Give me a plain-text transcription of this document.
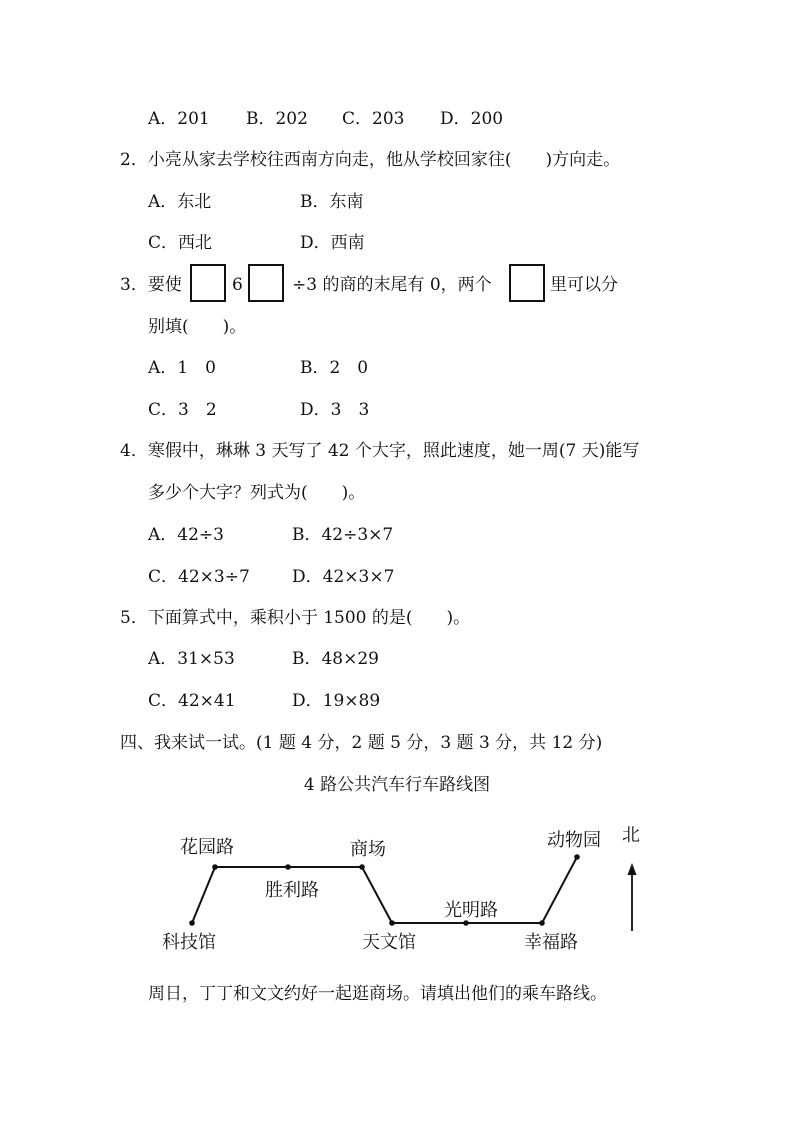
A．201 B．202 C．203 D．200
2．小亮从家去学校往西南方向走，他从学校回家往(　　)方向走。
A．东北	B．东南
C．西北	D．西南
3．要使	6	÷3 的商的末尾有 0，两个	里可以分
别填(　　)。
A．1　0	B．2　0
C．3　2	D．3　3
4．寒假中，琳琳 3 天写了 42 个大字，照此速度，她一周(7 天)能写
多少个大字？列式为(　　)。
A．42÷3	B．42÷3×7
C．42×3÷7 D．42×3×7
5．下面算式中，乘积小于 1500 的是(　　)。
A．31×53	B．48×29
C．42×41	D．19×89
四、我来试一试。(1 题 4 分，2 题 5 分，3 题 3 分，共 12 分)
4 路公共汽车行车路线图
科技馆
花园路
胜利路
商场
天文馆
光明路
幸福路
动物园 北
周日，丁丁和文文约好一起逛商场。请填出他们的乘车路线。
